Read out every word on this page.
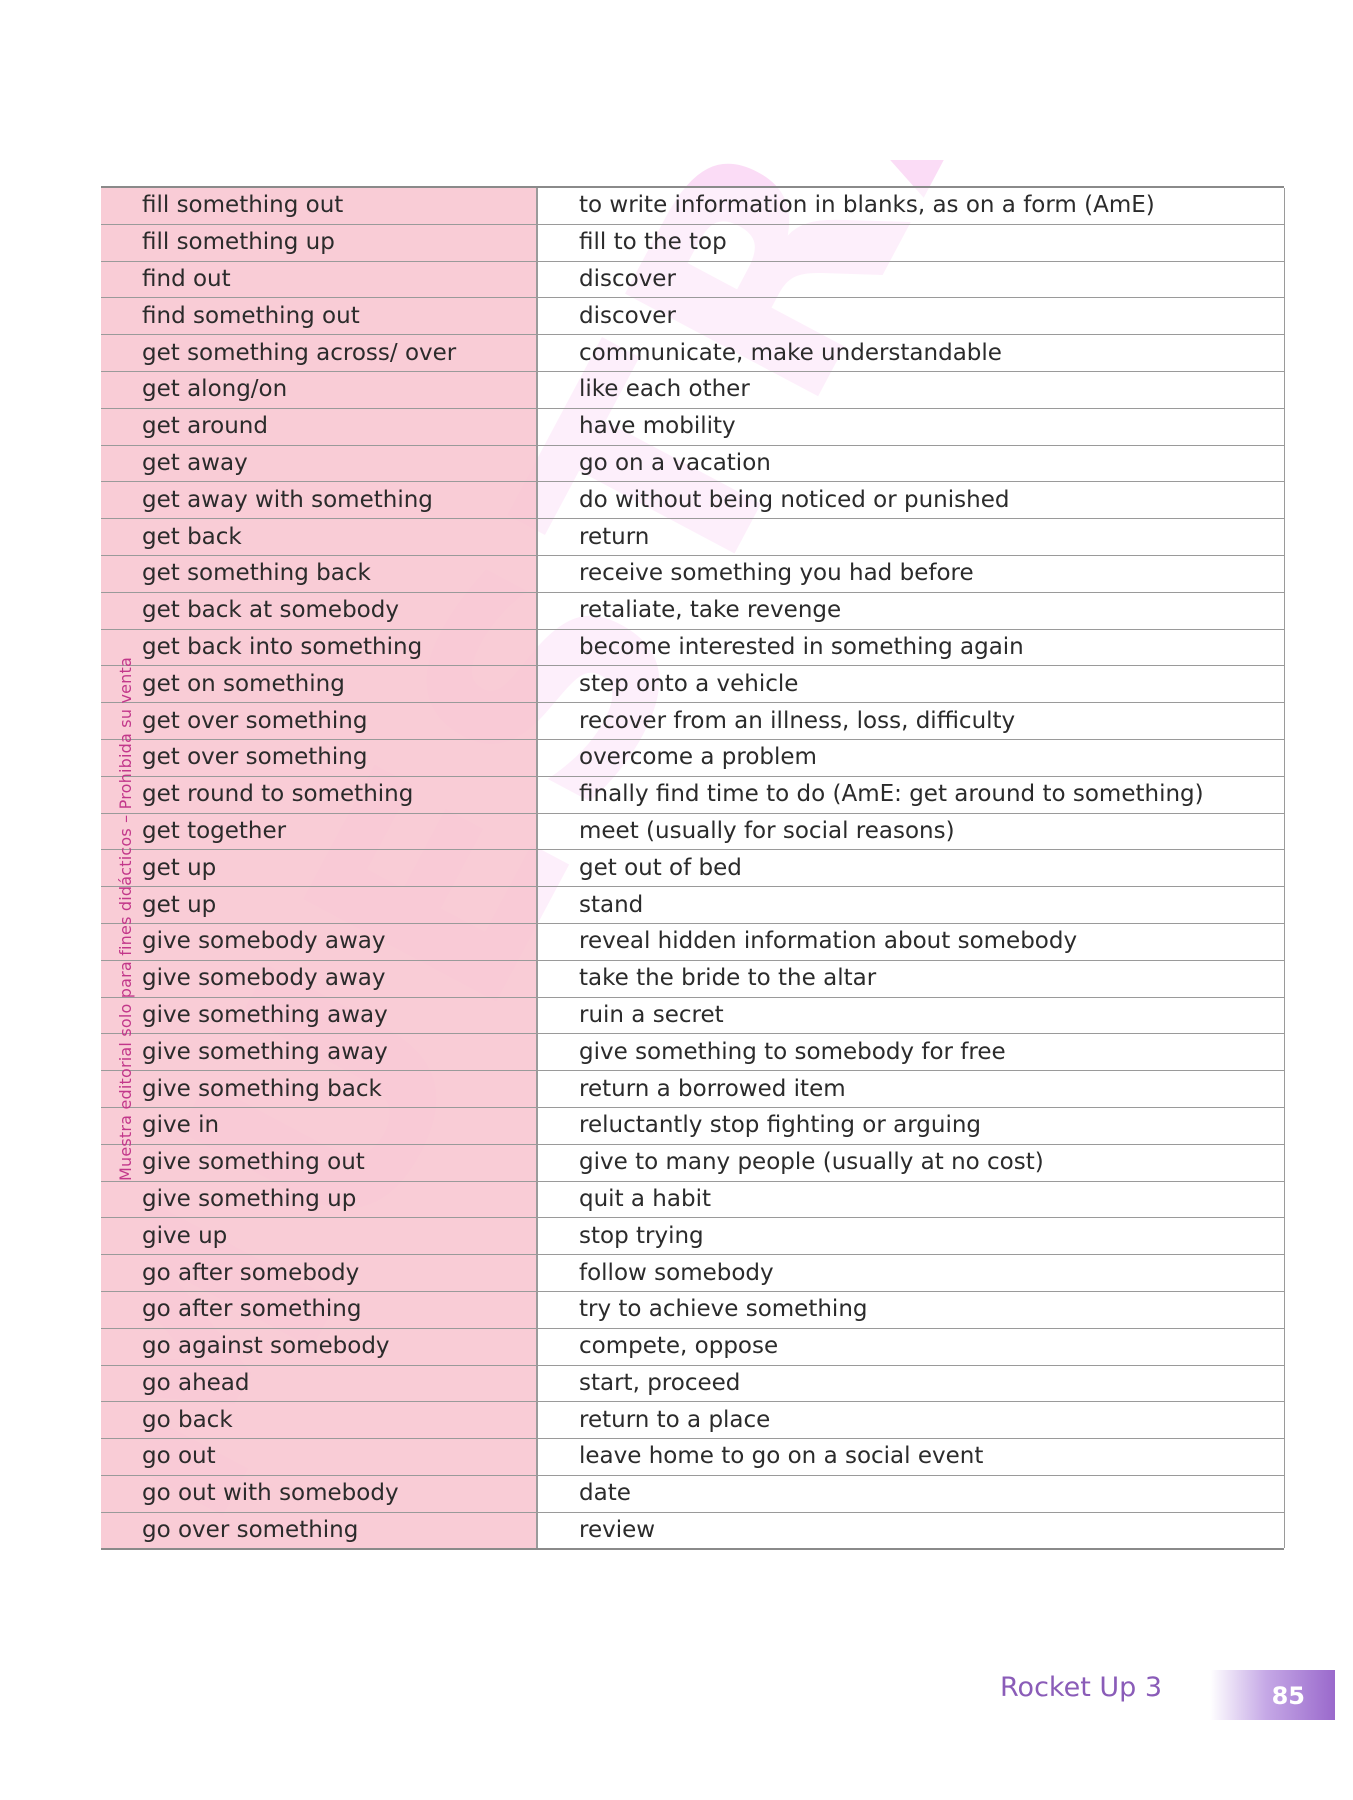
Muestra editorial solo para fines didácticos – Prohibida su venta
fill something out	to write information in blanks, as on a form (AmE)
fill something up	fill to the top
find out	discover
find something out	discover
get something across/ over	communicate, make understandable
get along/on	like each other
get around	have mobility
get away	go on a vacation
get away with something	do without being noticed or punished
get back	return
get something back	receive something you had before
get back at somebody	retaliate, take revenge
get back into something	become interested in something again
get on something	step onto a vehicle
get over something	recover from an illness, loss, difficulty
get over something	overcome a problem
get round to something	finally find time to do (AmE: get around to something)
get together	meet (usually for social reasons)
get up	get out of bed
get up	stand
give somebody away	reveal hidden information about somebody
give somebody away	take the bride to the altar
give something away	ruin a secret
give something away	give something to somebody for free
give something back	return a borrowed item
give in	reluctantly stop fighting or arguing
give something out	give to many people (usually at no cost)
give something up	quit a habit
give up	stop trying
go after somebody	follow somebody
go after something	try to achieve something
go against somebody	compete, oppose
go ahead	start, proceed
go back	return to a place
go out	leave home to go on a social event
go out with somebody	date
go over something	review
Rocket Up 3	85
